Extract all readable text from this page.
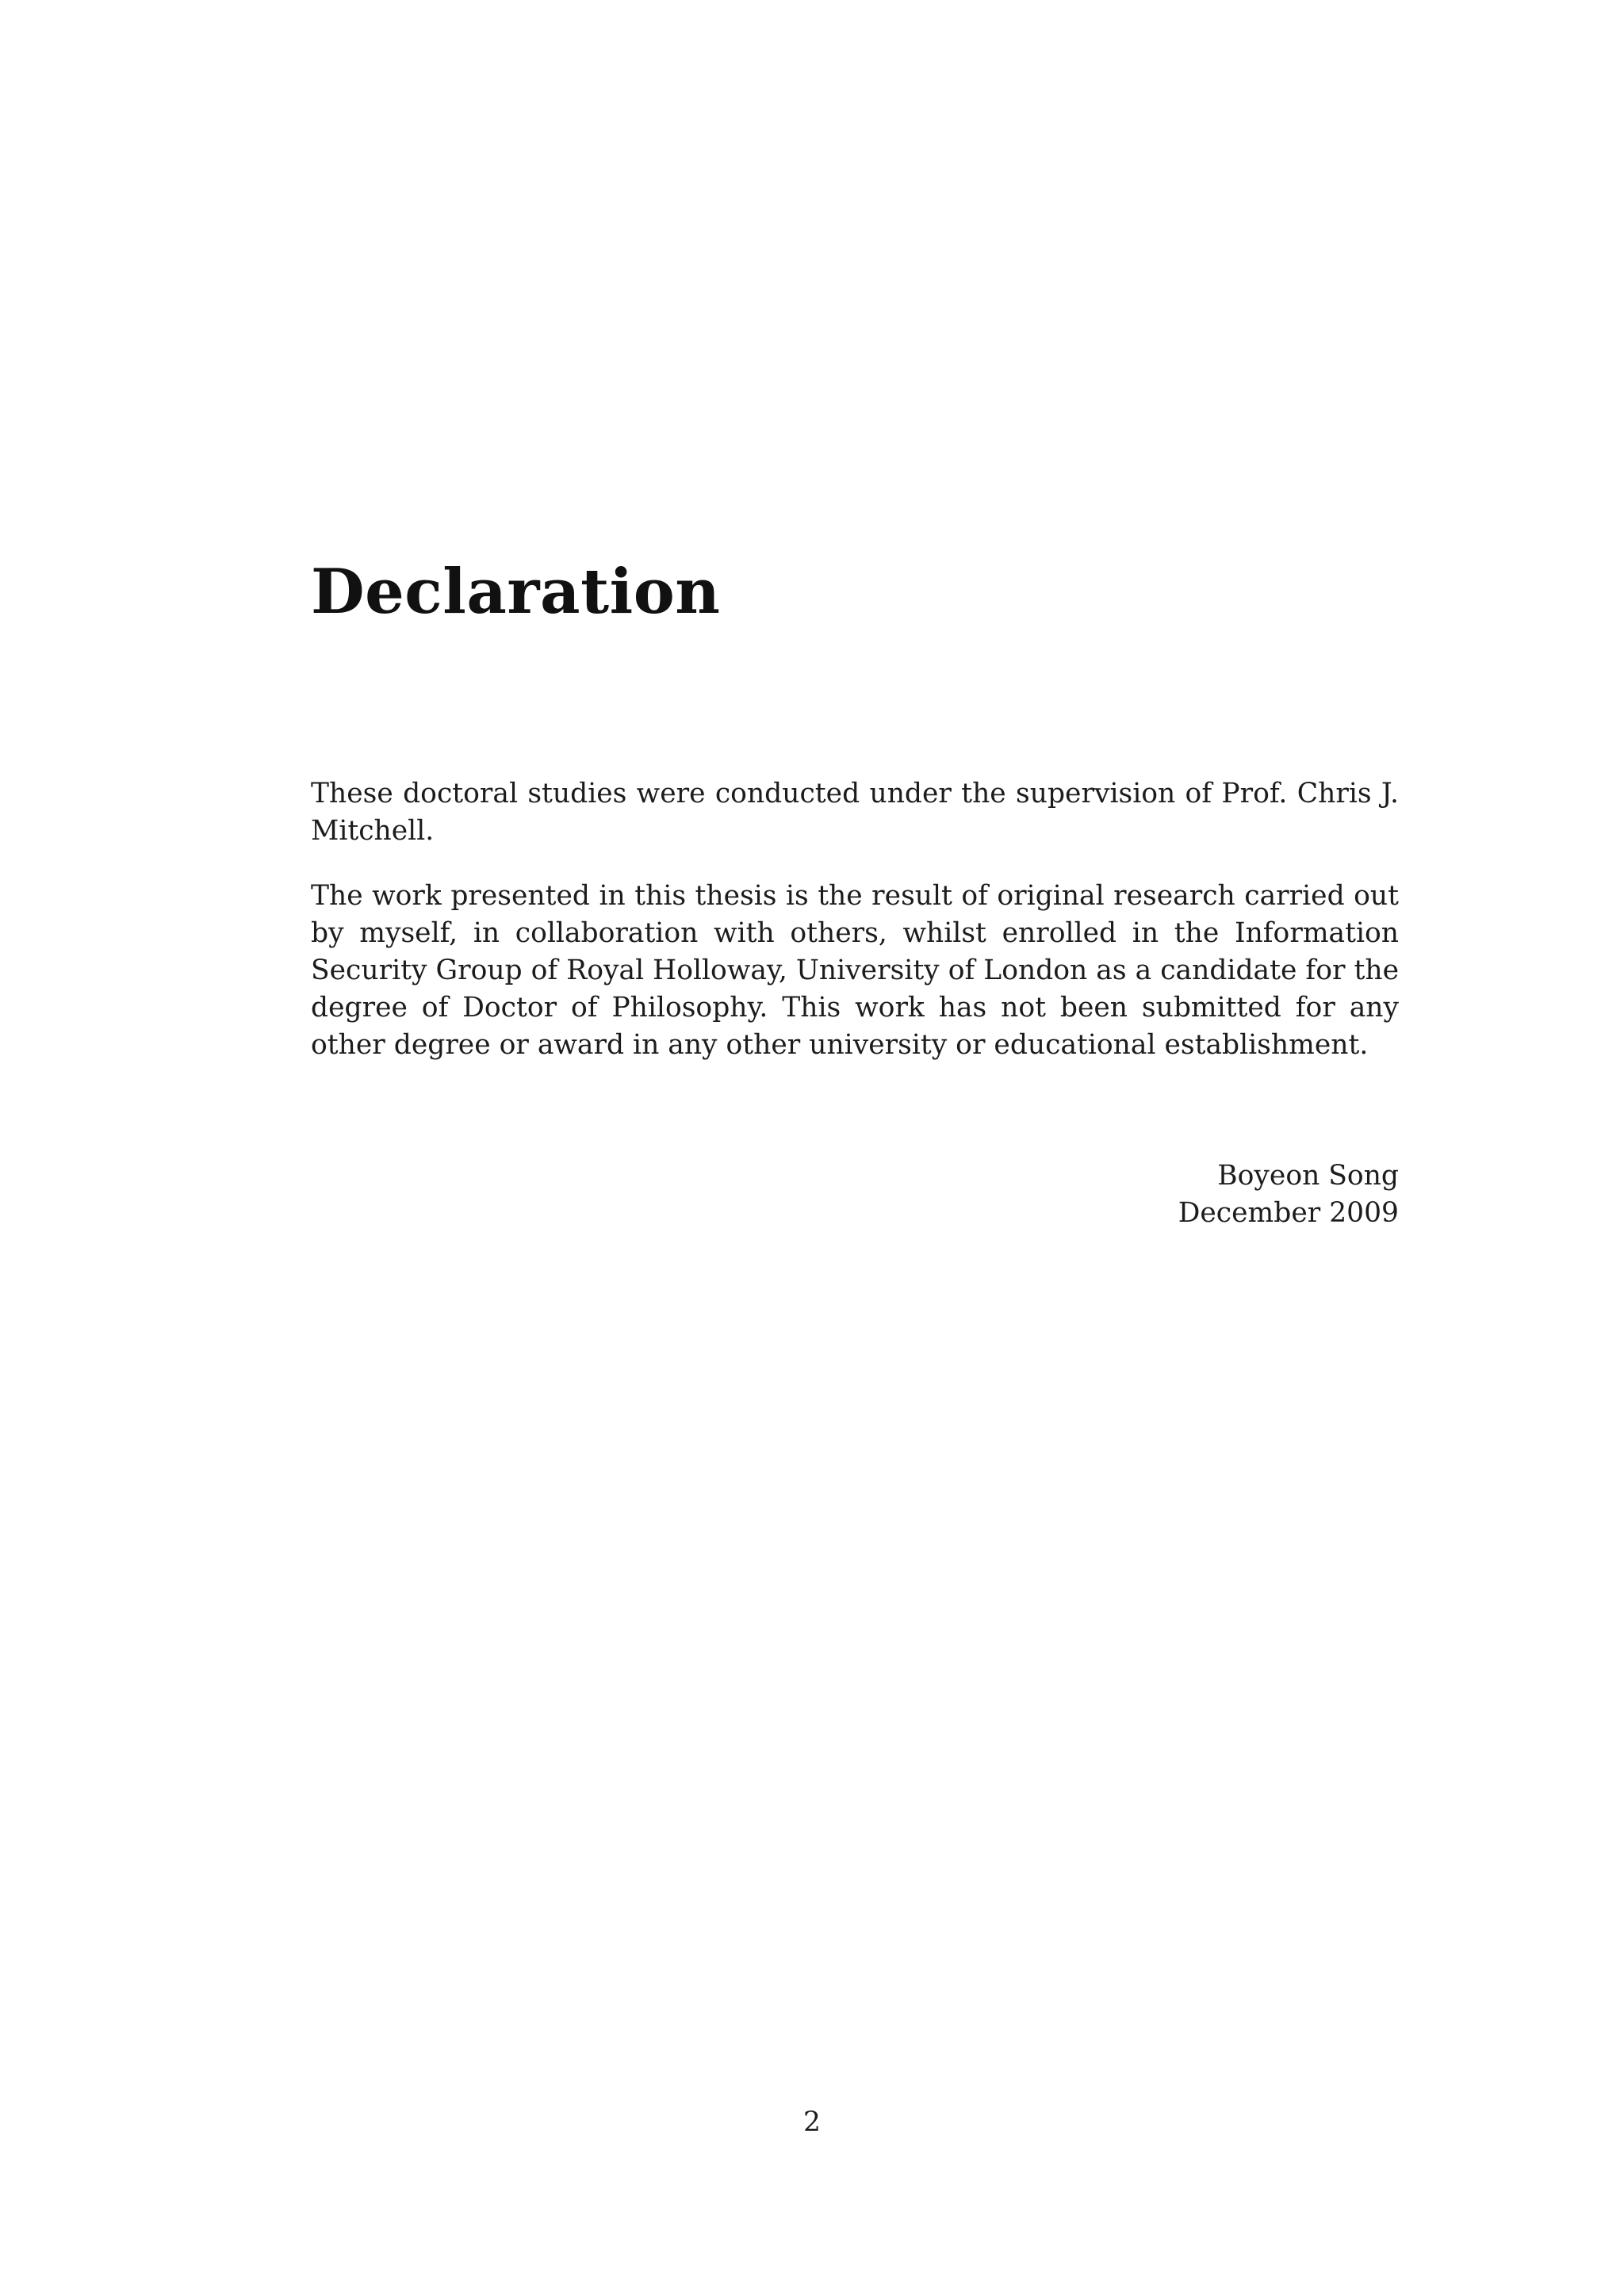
Declaration

These doctoral studies were conducted under the supervision of Prof. Chris J. Mitchell.

The work presented in this thesis is the result of original research carried out by myself, in collaboration with others, whilst enrolled in the Information Security Group of Royal Holloway, University of London as a candidate for the degree of Doctor of Philosophy. This work has not been submitted for any other degree or award in any other university or educational establishment.

Boyeon Song
December 2009
2
